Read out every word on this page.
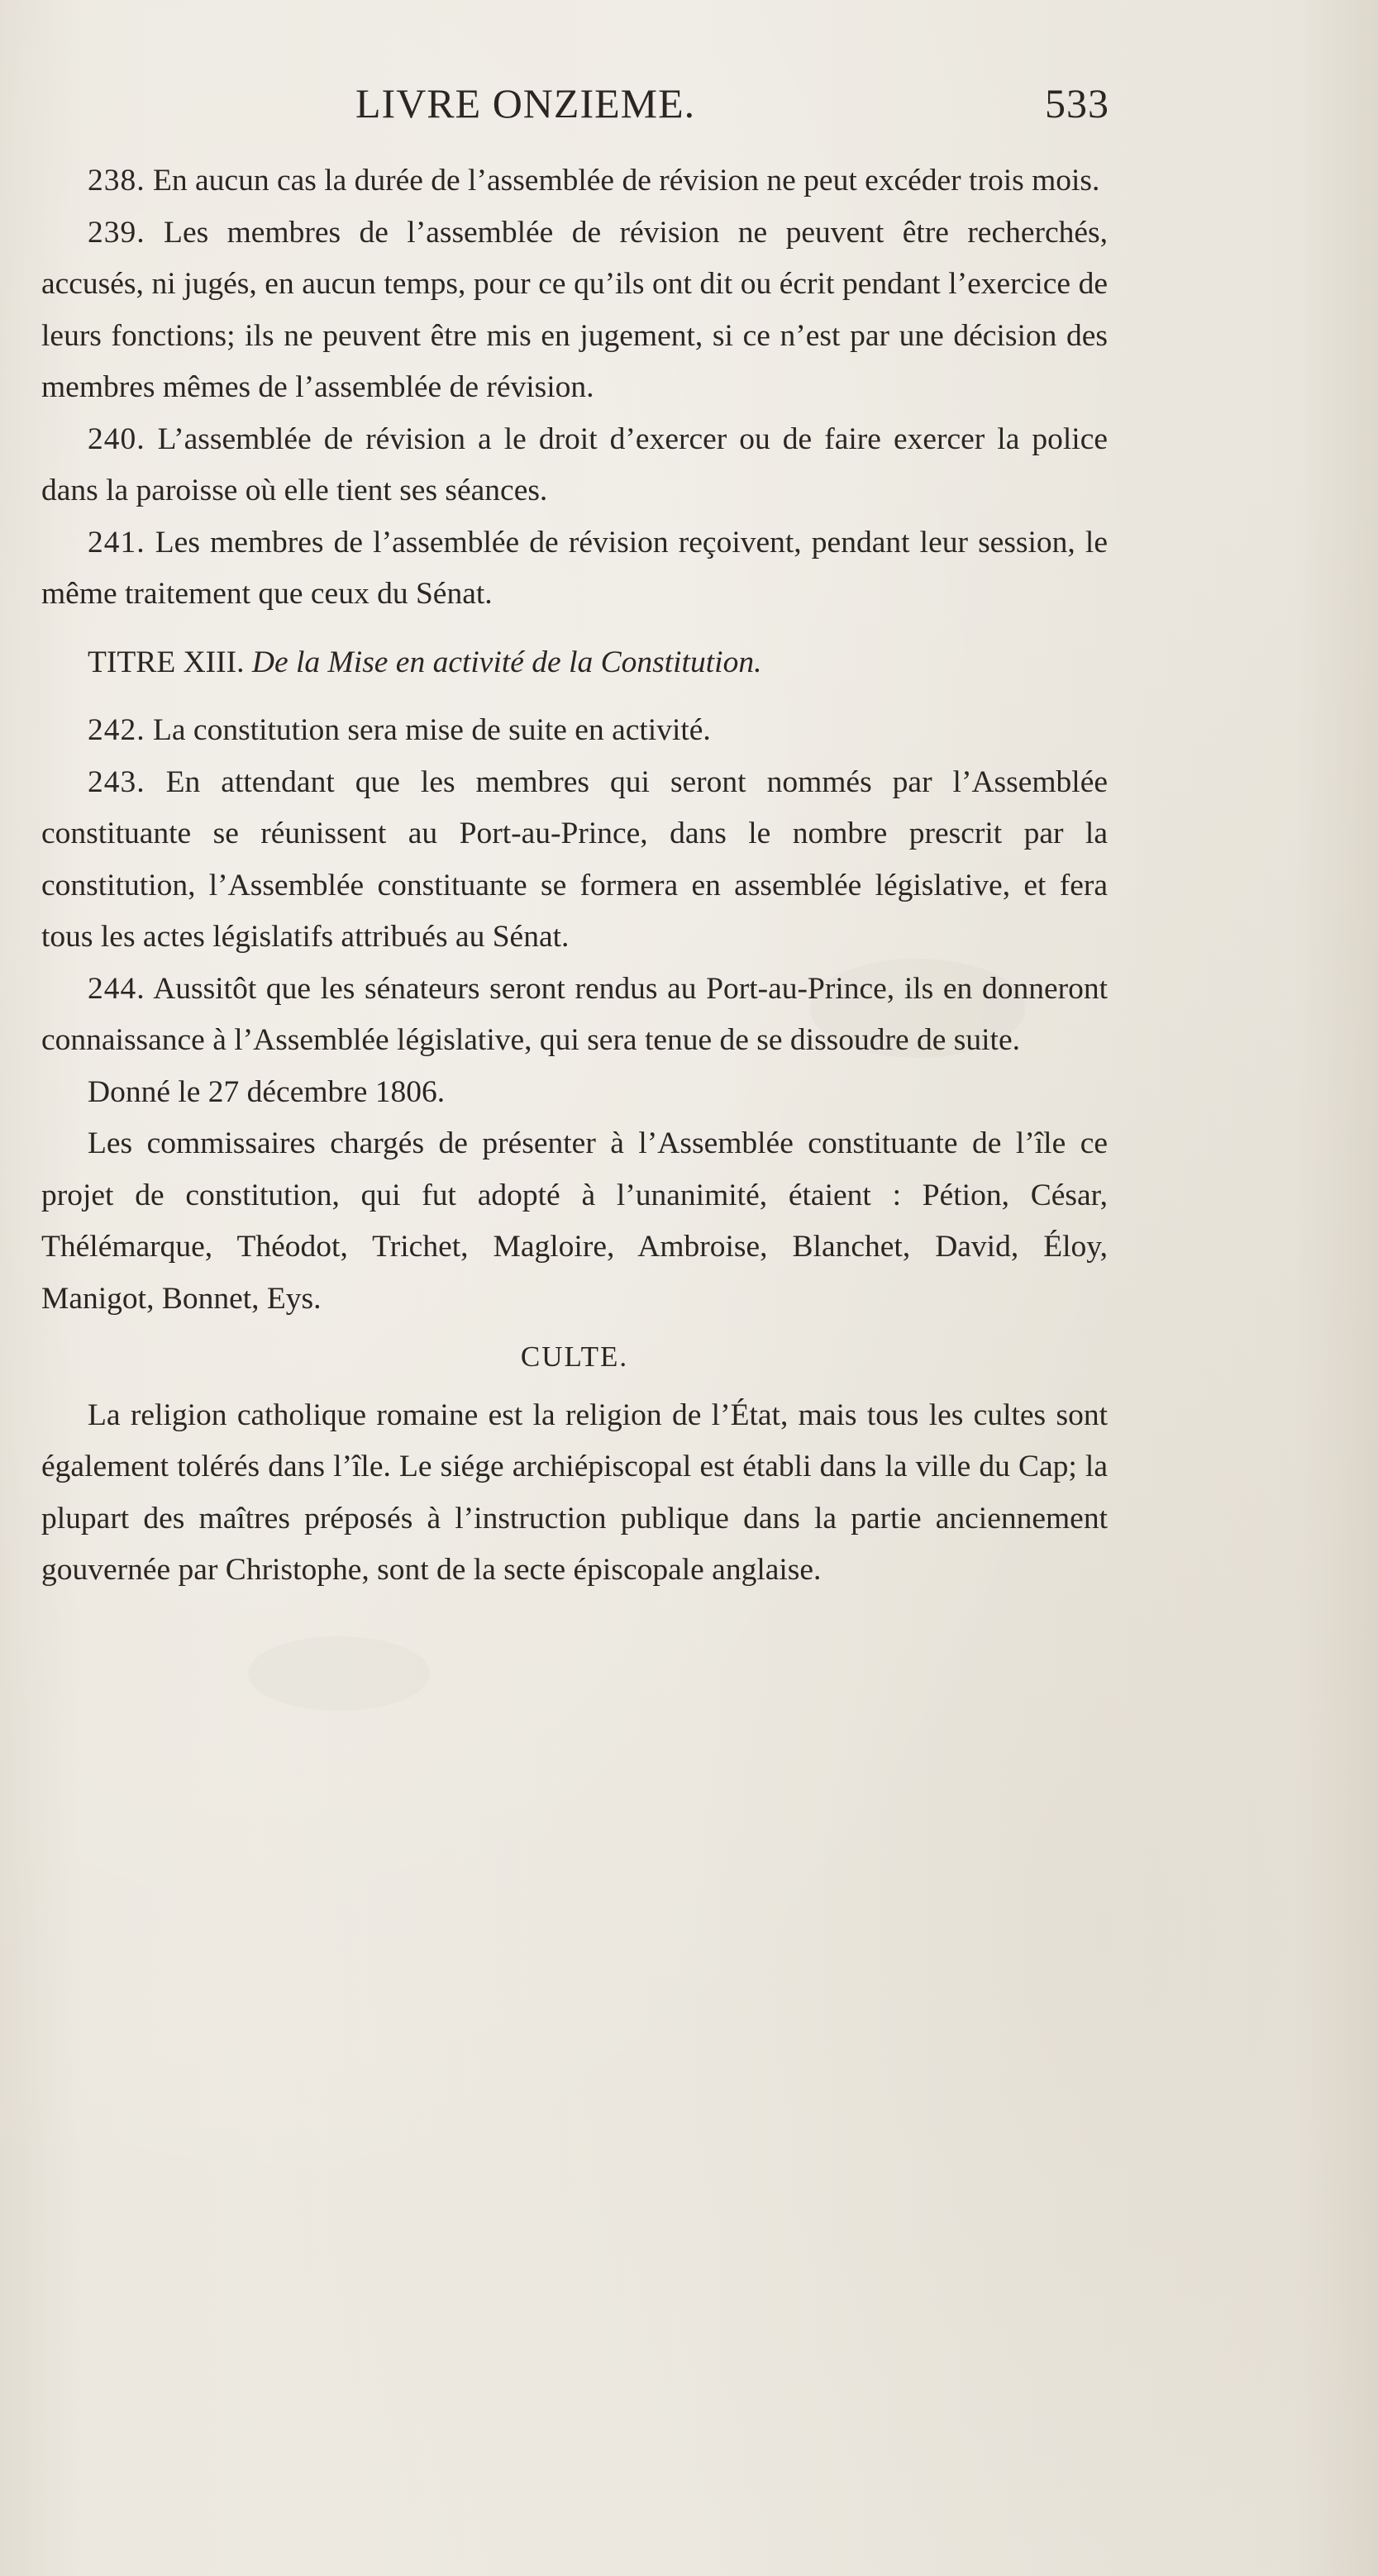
LIVRE ONZIEME.	533

238. En aucun cas la durée de l’assemblée de révision ne peut excéder trois mois.

239. Les membres de l’assemblée de révision ne peuvent être recherchés, accusés, ni jugés, en aucun temps, pour ce qu’ils ont dit ou écrit pendant l’exercice de leurs fonctions; ils ne peuvent être mis en jugement, si ce n’est par une décision des membres mêmes de l’assemblée de révision.

240. L’assemblée de révision a le droit d’exercer ou de faire exercer la police dans la paroisse où elle tient ses séances.

241. Les membres de l’assemblée de révision reçoivent, pendant leur session, le même traitement que ceux du Sénat.

TITRE XIII. De la Mise en activité de la Constitution.

242. La constitution sera mise de suite en activité.

243. En attendant que les membres qui seront nommés par l’Assemblée constituante se réunissent au Port-au-Prince, dans le nombre prescrit par la constitution, l’Assemblée constituante se formera en assemblée législative, et fera tous les actes législatifs attribués au Sénat.

244. Aussitôt que les sénateurs seront rendus au Port-au-Prince, ils en donneront connaissance à l’Assemblée législative, qui sera tenue de se dissoudre de suite.

Donné le 27 décembre 1806.

Les commissaires chargés de présenter à l’Assemblée constituante de l’île ce projet de constitution, qui fut adopté à l’unanimité, étaient : Pétion, César, Thélémarque, Théodot, Trichet, Magloire, Ambroise, Blanchet, David, Éloy, Manigot, Bonnet, Eys.

CULTE.

La religion catholique romaine est la religion de l’État, mais tous les cultes sont également tolérés dans l’île. Le siége archiépiscopal est établi dans la ville du Cap; la plupart des maîtres préposés à l’instruction publique dans la partie anciennement gouvernée par Christophe, sont de la secte épiscopale anglaise.
